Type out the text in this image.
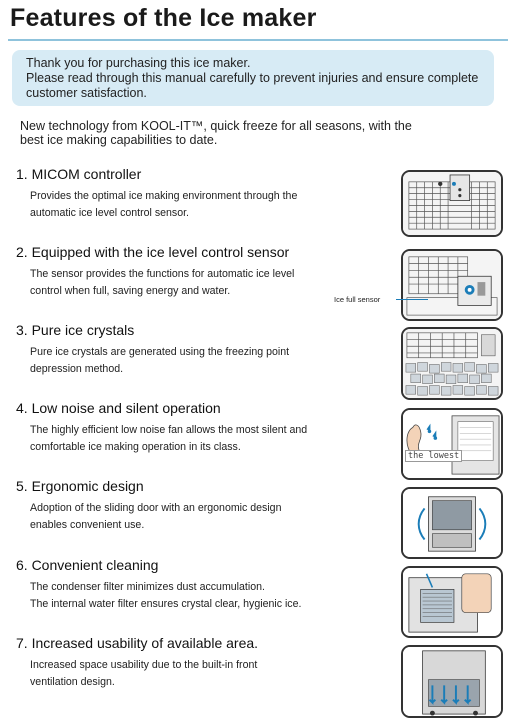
Features of the Ice maker
Thank you for purchasing this ice maker.
Please read through this manual carefully to prevent injuries and ensure complete
customer satisfaction.
New technology from KOOL-IT™, quick freeze for all seasons, with the
best ice making capabilities to date.
1. MICOM controller
Provides the optimal ice making environment through the
automatic ice level control sensor.
2. Equipped with the ice level control sensor
The sensor provides the functions for automatic ice level
control when full, saving energy and water.
Ice full sensor
3. Pure ice crystals
Pure ice crystals are generated using the freezing point
depression method.
4. Low noise and silent operation
The highly efficient low noise fan allows the most silent and
comfortable ice making operation in its class.
the lowest
5. Ergonomic design
Adoption of the sliding door with an ergonomic design
enables convenient use.
6. Convenient cleaning
The condenser filter minimizes dust accumulation.
The internal water filter ensures crystal clear, hygienic ice.
7. Increased usability of available area.
Increased space usability due to the built-in front
ventilation design.
